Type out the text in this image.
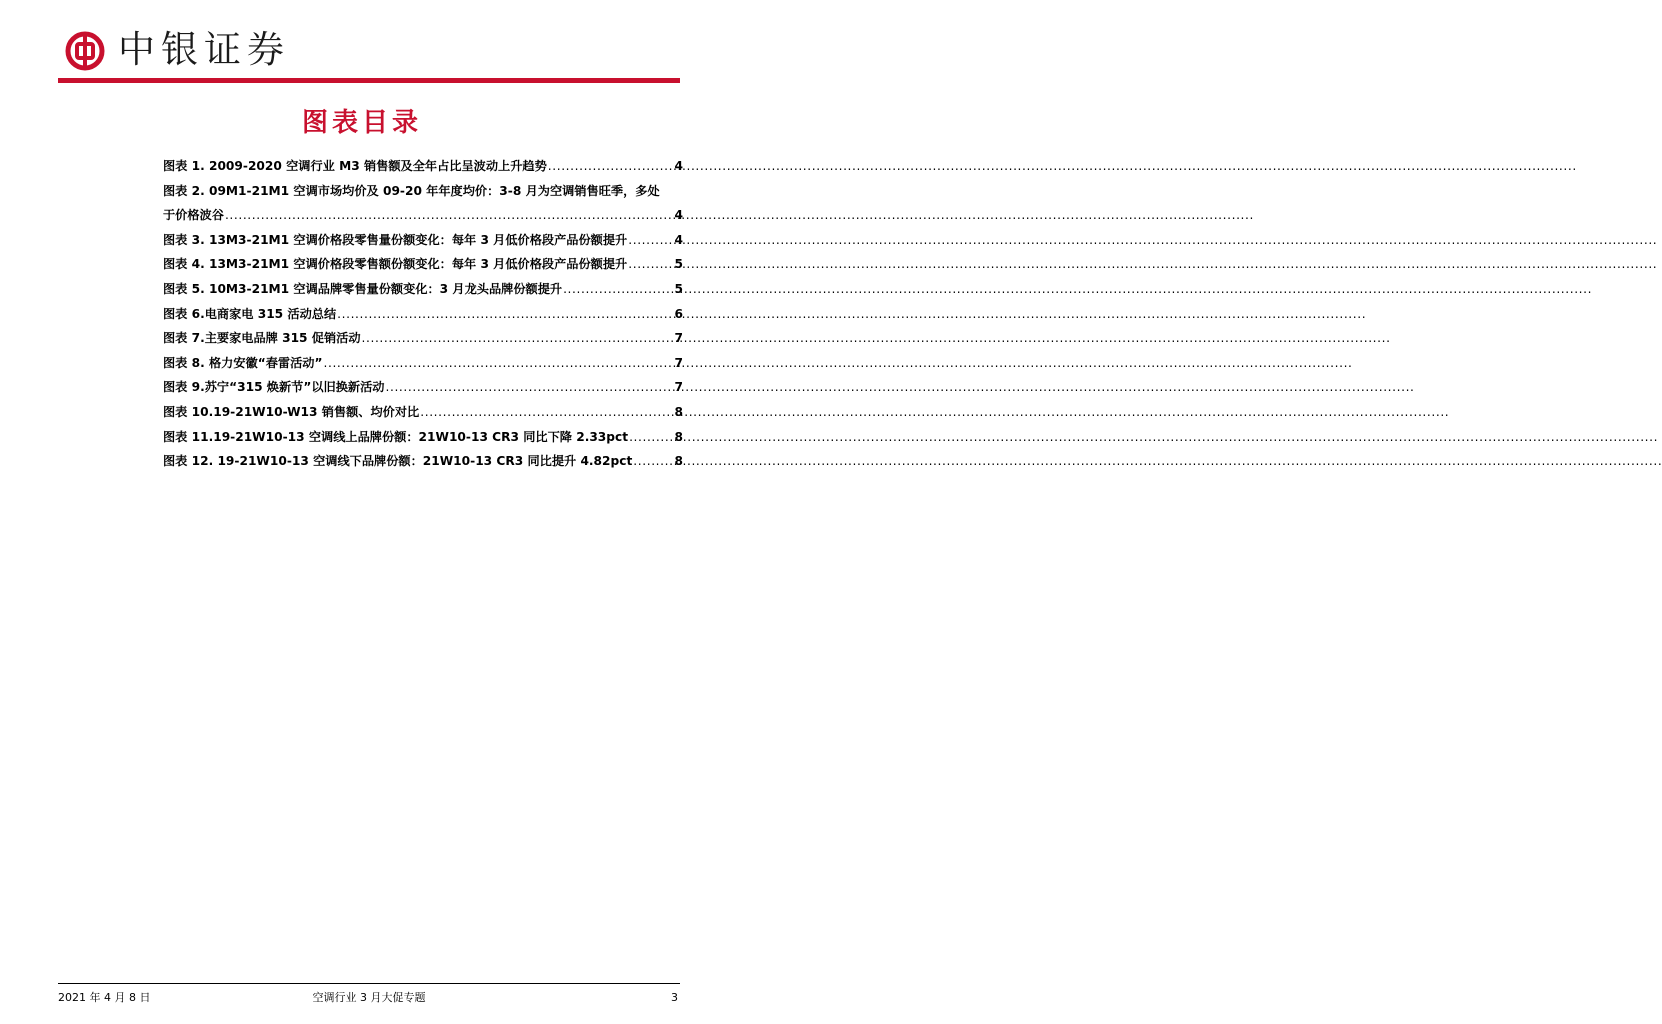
中银证券
图表目录
图表 1. 2009-2020 空调行业 M3 销售额及全年占比呈波动上升趋势 .....	4
图表 2. 09M1-21M1 空调市场均价及 09-20 年年度均价：3-8 月为空调销售旺季，多处
于价格波谷 .....	4
图表 3. 13M3-21M1 空调价格段零售量份额变化：每年 3 月低价格段产品份额提升 .....	4
图表 4. 13M3-21M1 空调价格段零售额份额变化：每年 3 月低价格段产品份额提升 .....	5
图表 5. 10M3-21M1 空调品牌零售量份额变化：3 月龙头品牌份额提升 .....	5
图表 6.电商家电 315 活动总结 .....	6
图表 7.主要家电品牌 315 促销活动 .....	7
图表 8. 格力安徽“春雷活动” .....	7
图表 9.苏宁“315 焕新节”以旧换新活动 .....	7
图表 10.19-21W10-W13 销售额、均价对比 .....	8
图表 11.19-21W10-13 空调线上品牌份额：21W10-13 CR3 同比下降 2.33pct .....	8
图表 12. 19-21W10-13 空调线下品牌份额：21W10-13 CR3 同比提升 4.82pct .....	8
2021 年 4 月 8 日	空调行业 3 月大促专题	3
